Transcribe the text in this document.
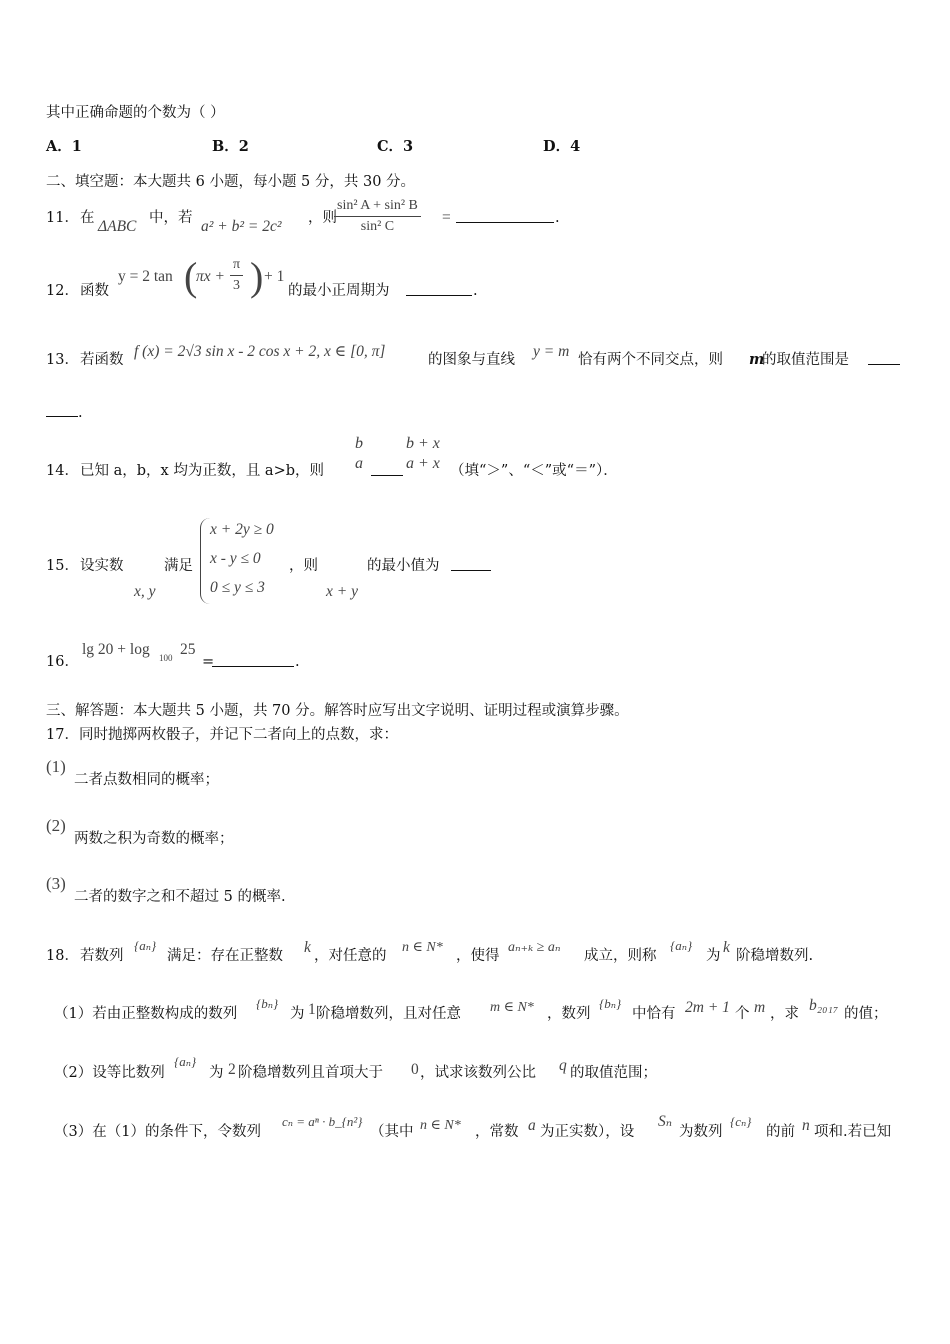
其中正确命题的个数为（ ）
A．1	B．2	C．3	D．4
二、填空题：本大题共 6 小题，每小题 5 分，共 30 分。
11． 在 ΔABC 中，若 a² + b² = 2c² ，则
$\frac{\text{sin² A + sin² B}}{\text{sin² C}}$ =	.
12． 函数
y = 2 tan (
$\pi x + \frac{\pi}{3}$ ) + 1
的最小正周期为	.
13． 若函数 f (x) = 2√3 sin x - 2 cos x + 2, x ∈ [0, π]	的图象与直线 y = m 恰有两个不同交点，则 m
的取值范围是
.
14． 已知 a，b，x 均为正数，且 a>b，则
b
a
b + x
a + x （填“＞”、“＜”或“＝”）．
15． 设实数
x, y
满足
x + 2y ≥ 0
x - y ≤ 0
0 ≤ y ≤ 3
，则
x + y
的最小值为
16．
lg 20 + log 100 25
=	.
三、解答题：本大题共 5 小题，共 70 分。解答时应写出文字说明、证明过程或演算步骤。
17．同时抛掷两枚骰子，并记下二者向上的点数，求：
(1)
二者点数相同的概率；
(2)
两数之积为奇数的概率；
(3)
二者的数字之和不超过 5 的概率.
18． 若数列
{aₙ}
满足：存在正整数 k ，对任意的
n ∈ N*
，使得
aₙ₊ₖ ≥ aₙ
成立，则称
{aₙ}
为 k 阶稳增数列.
（1）若由正整数构成的数列
{bₙ}
为 1 阶稳增数列，且对任意 m ∈ N* ，数列
{bₙ}
中恰有 2m + 1 个 m ，求 b₂₀₁₇ 的值；
（2）设等比数列
{aₙ}
为 2 阶稳增数列且首项大于 0 ，试求该数列公比 q 的取值范围；
（3）在（1）的条件下，令数列
cₙ = aⁿ · b_{n²}
（其中 n ∈ N* ，常数 a 为正实数），设
Sₙ
为数列
{cₙ}
的前 n 项和.若已知
